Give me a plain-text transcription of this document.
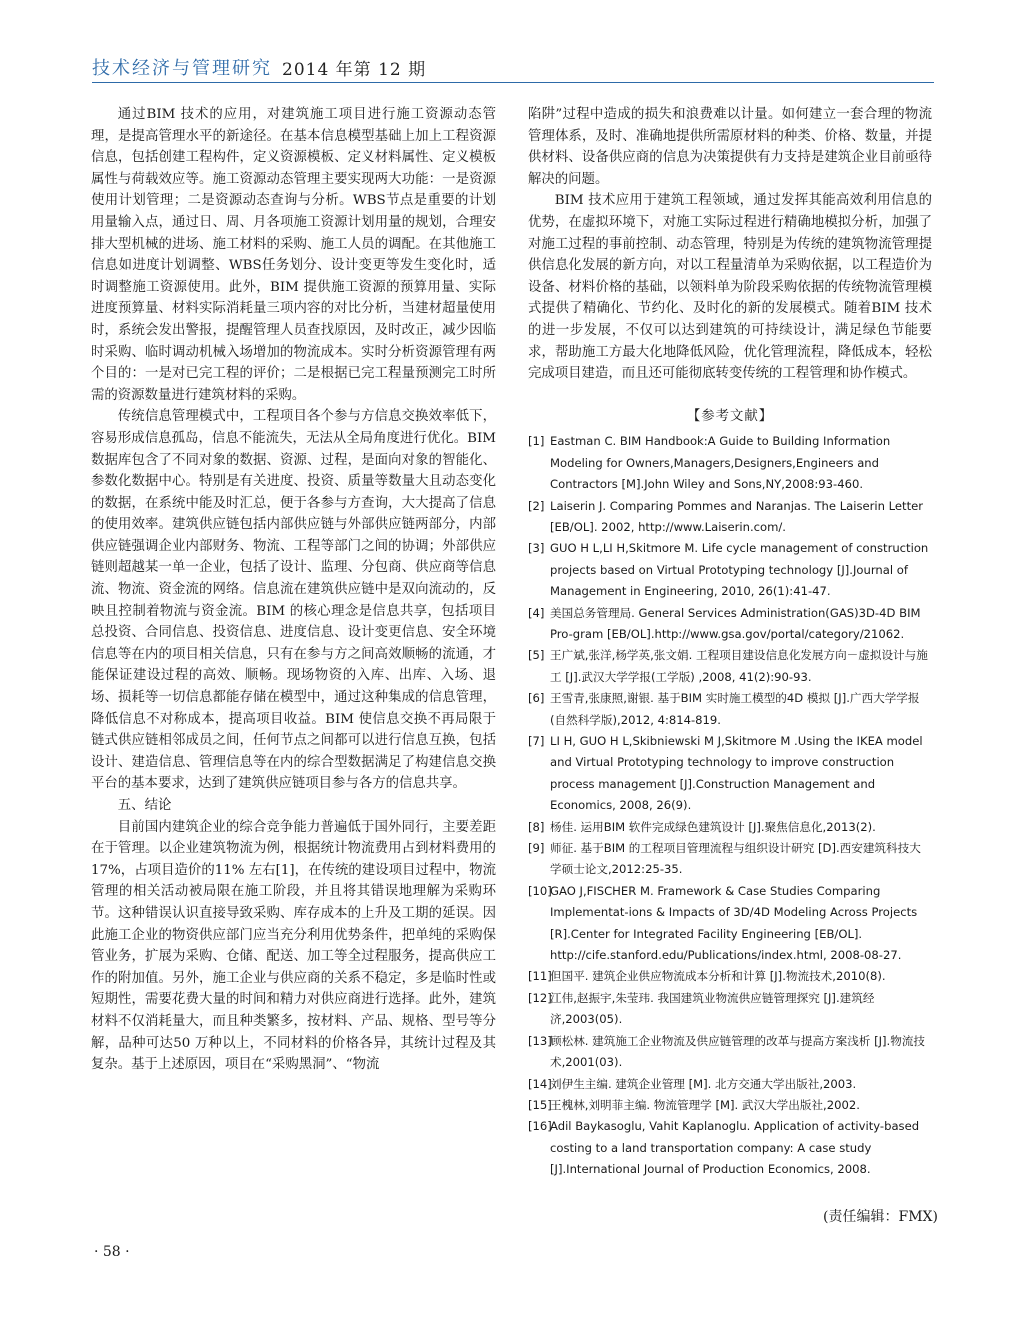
技术经济与管理研究 2014 年第 12 期

通过BIM 技术的应用，对建筑施工项目进行施工资源动态管理，是提高管理水平的新途径。在基本信息模型基础上加上工程资源信息，包括创建工程构件，定义资源模板、定义材料属性、定义模板属性与荷载效应等。施工资源动态管理主要实现两大功能：一是资源使用计划管理；二是资源动态查询与分析。WBS节点是重要的计划用量输入点，通过日、周、月各项施工资源计划用量的规划，合理安排大型机械的进场、施工材料的采购、施工人员的调配。在其他施工信息如进度计划调整、WBS任务划分、设计变更等发生变化时，适时调整施工资源使用。此外，BIM 提供施工资源的预算用量、实际进度预算量、材料实际消耗量三项内容的对比分析，当建材超量使用时，系统会发出警报，提醒管理人员查找原因，及时改正，减少因临时采购、临时调动机械入场增加的物流成本。实时分析资源管理有两个目的：一是对已完工程的评价；二是根据已完工程量预测完工时所需的资源数量进行建筑材料的采购。

传统信息管理模式中，工程项目各个参与方信息交换效率低下，容易形成信息孤岛，信息不能流失，无法从全局角度进行优化。BIM 数据库包含了不同对象的数据、资源、过程，是面向对象的智能化、参数化数据中心。特别是有关进度、投资、质量等数量大且动态变化的数据，在系统中能及时汇总，便于各参与方查询，大大提高了信息的使用效率。建筑供应链包括内部供应链与外部供应链两部分，内部供应链强调企业内部财务、物流、工程等部门之间的协调；外部供应链则超越某一单一企业，包括了设计、监理、分包商、供应商等信息流、物流、资金流的网络。信息流在建筑供应链中是双向流动的，反映且控制着物流与资金流。BIM 的核心理念是信息共享，包括项目总投资、合同信息、投资信息、进度信息、设计变更信息、安全环境信息等在内的项目相关信息，只有在参与方之间高效顺畅的流通，才能保证建设过程的高效、顺畅。现场物资的入库、出库、入场、退场、损耗等一切信息都能存储在模型中，通过这种集成的信息管理，降低信息不对称成本，提高项目收益。BIM 使信息交换不再局限于链式供应链相邻成员之间，任何节点之间都可以进行信息互换，包括设计、建造信息、管理信息等在内的综合型数据满足了构建信息交换平台的基本要求，达到了建筑供应链项目参与各方的信息共享。

五、结论

目前国内建筑企业的综合竞争能力普遍低于国外同行，主要差距在于管理。以企业建筑物流为例，根据统计物流费用占到材料费用的17%，占项目造价的11% 左右[1]，在传统的建设项目过程中，物流管理的相关活动被局限在施工阶段，并且将其错误地理解为采购环节。这种错误认识直接导致采购、库存成本的上升及工期的延误。因此施工企业的物资供应部门应当充分利用优势条件，把单纯的采购保管业务，扩展为采购、仓储、配送、加工等全过程服务，提高供应工作的附加值。另外，施工企业与供应商的关系不稳定，多是临时性或短期性，需要花费大量的时间和精力对供应商进行选择。此外，建筑材料不仅消耗量大，而且种类繁多，按材料、产品、规格、型号等分解，品种可达50 万种以上，不同材料的价格各异，其统计过程及其复杂。基于上述原因，项目在“采购黑洞”、“物流

陷阱”过程中造成的损失和浪费难以计量。如何建立一套合理的物流管理体系，及时、准确地提供所需原材料的种类、价格、数量，并提供材料、设备供应商的信息为决策提供有力支持是建筑企业目前亟待解决的问题。

BIM 技术应用于建筑工程领域，通过发挥其能高效利用信息的优势，在虚拟环境下，对施工实际过程进行精确地模拟分析，加强了对施工过程的事前控制、动态管理，特别是为传统的建筑物流管理提供信息化发展的新方向，对以工程量清单为采购依据，以工程造价为设备、材料价格的基础，以领料单为阶段采购依据的传统物流管理模式提供了精确化、节约化、及时化的新的发展模式。随着BIM 技术的进一步发展，不仅可以达到建筑的可持续设计，满足绿色节能要求，帮助施工方最大化地降低风险，优化管理流程，降低成本，轻松完成项目建造，而且还可能彻底转变传统的工程管理和协作模式。

【参考文献】
[1] Eastman C. BIM Handbook:A Guide to Building Information Modeling for Owners,Managers,Designers,Engineers and Contractors [M].John Wiley and Sons,NY,2008:93-460.
[2] Laiserin J. Comparing Pommes and Naranjas. The Laiserin Letter [EB/OL]. 2002, http://www.Laiserin.com/.
[3] GUO H L,LI H,Skitmore M. Life cycle management of construction projects based on Virtual Prototyping technology [J].Journal of Management in Engineering, 2010, 26(1):41-47.
[4] 美国总务管理局. General Services Administration(GAS)3D-4D BIM Pro-gram [EB/OL].http://www.gsa.gov/portal/category/21062.
[5] 王广斌,张洋,杨学英,张文娟. 工程项目建设信息化发展方向－虚拟设计与施工 [J].武汉大学学报(工学版) ,2008, 41(2):90-93.
[6] 王雪青,张康照,谢银. 基于BIM 实时施工模型的4D 模拟 [J].广西大学学报(自然科学版),2012, 4:814-819.
[7] LI H, GUO H L,Skibniewski M J,Skitmore M .Using the IKEA model and Virtual Prototyping technology to improve construction process management [J].Construction Management and Economics, 2008, 26(9).
[8] 杨佳. 运用BIM 软件完成绿色建筑设计 [J].聚焦信息化,2013(2).
[9] 师征. 基于BIM 的工程项目管理流程与组织设计研究 [D].西安建筑科技大学硕士论文,2012:25-35.
[10]
GAO J,FISCHER M. Framework & Case Studies Comparing Implementat-ions & Impacts of 3D/4D Modeling Across Projects [R].Center for Integrated Facility Engineering [EB/OL]. http://cife.stanford.edu/Publications/index.html, 2008-08-27.
[11]
但国平. 建筑企业供应物流成本分析和计算 [J].物流技术,2010(8).
[12]
江伟,赵振宇,朱莹玮. 我国建筑业物流供应链管理探究 [J].建筑经济,2003(05).
[13]
顾松林. 建筑施工企业物流及供应链管理的改革与提高方案浅析 [J].物流技术,2001(03).
[14]
刘伊生主编. 建筑企业管理 [M]. 北方交通大学出版社,2003.
[15]
王槐林,刘明菲主编. 物流管理学 [M]. 武汉大学出版社,2002.
[16]
Adil Baykasoglu, Vahit Kaplanoglu. Application of activity-based costing to a land transportation company: A case study [J].International Journal of Production Economics, 2008.
(责任编辑：FMX)
· 58 ·
